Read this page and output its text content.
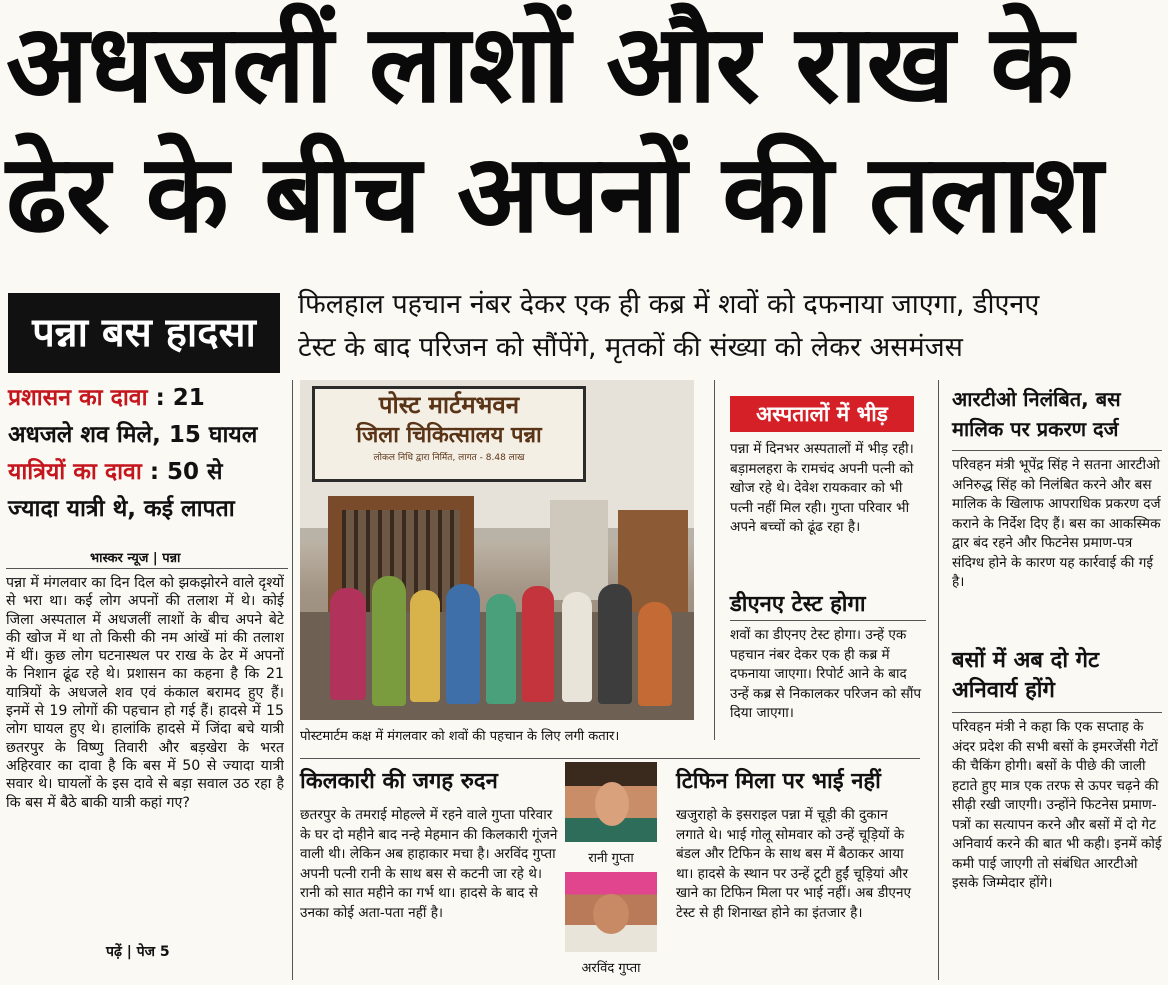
अधजलीं लाशों और राख के
ढेर के बीच अपनों की तलाश
पन्ना बस हादसा
फिलहाल पहचान नंबर देकर एक ही कब्र में शवों को दफनाया जाएगा, डीएनए
टेस्ट के बाद परिजन को सौंपेंगे, मृतकों की संख्या को लेकर असमंजस
प्रशासन का दावा : 21
अधजले शव मिले, 15 घायल
यात्रियों का दावा : 50 से
ज्यादा यात्री थे, कई लापता
भास्कर न्यूज | पन्ना
पन्ना में मंगलवार का दिन दिल को झकझोरने वाले दृश्यों से भरा था। कई लोग अपनों की तलाश में थे। कोई जिला अस्पताल में अधजलीं लाशों के बीच अपने बेटे की खोज में था तो किसी की नम आंखें मां की तलाश में थीं। कुछ लोग घटनास्थल पर राख के ढेर में अपनों के निशान ढूंढ रहे थे। प्रशासन का कहना है कि 21 यात्रियों के अधजले शव एवं कंकाल बरामद हुए हैं। इनमें से 19 लोगों की पहचान हो गई हैं। हादसे में 15 लोग घायल हुए थे। हालांकि हादसे में जिंदा बचे यात्री छतरपुर के विष्णु तिवारी और बड़खेरा के भरत अहिरवार का दावा है कि बस में 50 से ज्यादा यात्री सवार थे। घायलों के इस दावे से बड़ा सवाल उठ रहा है कि बस में बैठे बाकी यात्री कहां गए?
पढ़ें | पेज 5
पोस्ट मार्टमभवन
जिला चिकित्सालय पन्ना
लोकल निधि द्वारा निर्मित, लागत - 8.48 लाख
पोस्टमार्टम कक्ष में मंगलवार को शवों की पहचान के लिए लगी कतार।
अस्पतालों में भीड़
पन्ना में दिनभर अस्पतालों में भीड़ रही। बड़ामलहरा के रामचंद अपनी पत्नी को खोज रहे थे। देवेश रायकवार को भी पत्नी नहीं मिल रही। गुप्ता परिवार भी अपने बच्चों को ढूंढ रहा है।
डीएनए टेस्ट होगा
शवों का डीएनए टेस्ट होगा। उन्हें एक पहचान नंबर देकर एक ही कब्र में दफनाया जाएगा। रिपोर्ट आने के बाद उन्हें कब्र से निकालकर परिजन को सौंप दिया जाएगा।
आरटीओ निलंबित, बस मालिक पर प्रकरण दर्ज
परिवहन मंत्री भूपेंद्र सिंह ने सतना आरटीओ अनिरुद्ध सिंह को निलंबित करने और बस मालिक के खिलाफ आपराधिक प्रकरण दर्ज कराने के निर्देश दिए हैं। बस का आकस्मिक द्वार बंद रहने और फिटनेस प्रमाण-पत्र संदिग्ध होने के कारण यह कार्रवाई की गई है।
बसों में अब दो गेट अनिवार्य होंगे
परिवहन मंत्री ने कहा कि एक सप्ताह के अंदर प्रदेश की सभी बसों के इमरजेंसी गेटों की चैकिंग होगी। बसों के पीछे की जाली हटाते हुए मात्र एक तरफ से ऊपर चढ़ने की सीढ़ी रखी जाएगी। उन्होंने फिटनेस प्रमाण-पत्रों का सत्यापन करने और बसों में दो गेट अनिवार्य करने की बात भी कही। इनमें कोई कमी पाई जाएगी तो संबंधित आरटीओ इसके जिम्मेदार होंगे।
किलकारी की जगह रुदन
छतरपुर के तमराई मोहल्ले में रहने वाले गुप्ता परिवार के घर दो महीने बाद नन्हे मेहमान की किलकारी गूंजने वाली थी। लेकिन अब हाहाकार मचा है। अरविंद गुप्ता अपनी पत्नी रानी के साथ बस से कटनी जा रहे थे। रानी को सात महीने का गर्भ था। हादसे के बाद से उनका कोई अता-पता नहीं है।
रानी गुप्ता
अरविंद गुप्ता
टिफिन मिला पर भाई नहीं
खजुराहो के इसराइल पन्ना में चूड़ी की दुकान लगाते थे। भाई गोलू सोमवार को उन्हें चूड़ियों के बंडल और टिफिन के साथ बस में बैठाकर आया था। हादसे के स्थान पर उन्हें टूटी हुईं चूड़ियां और खाने का टिफिन मिला पर भाई नहीं। अब डीएनए टेस्ट से ही शिनाख्त होने का इंतजार है।
